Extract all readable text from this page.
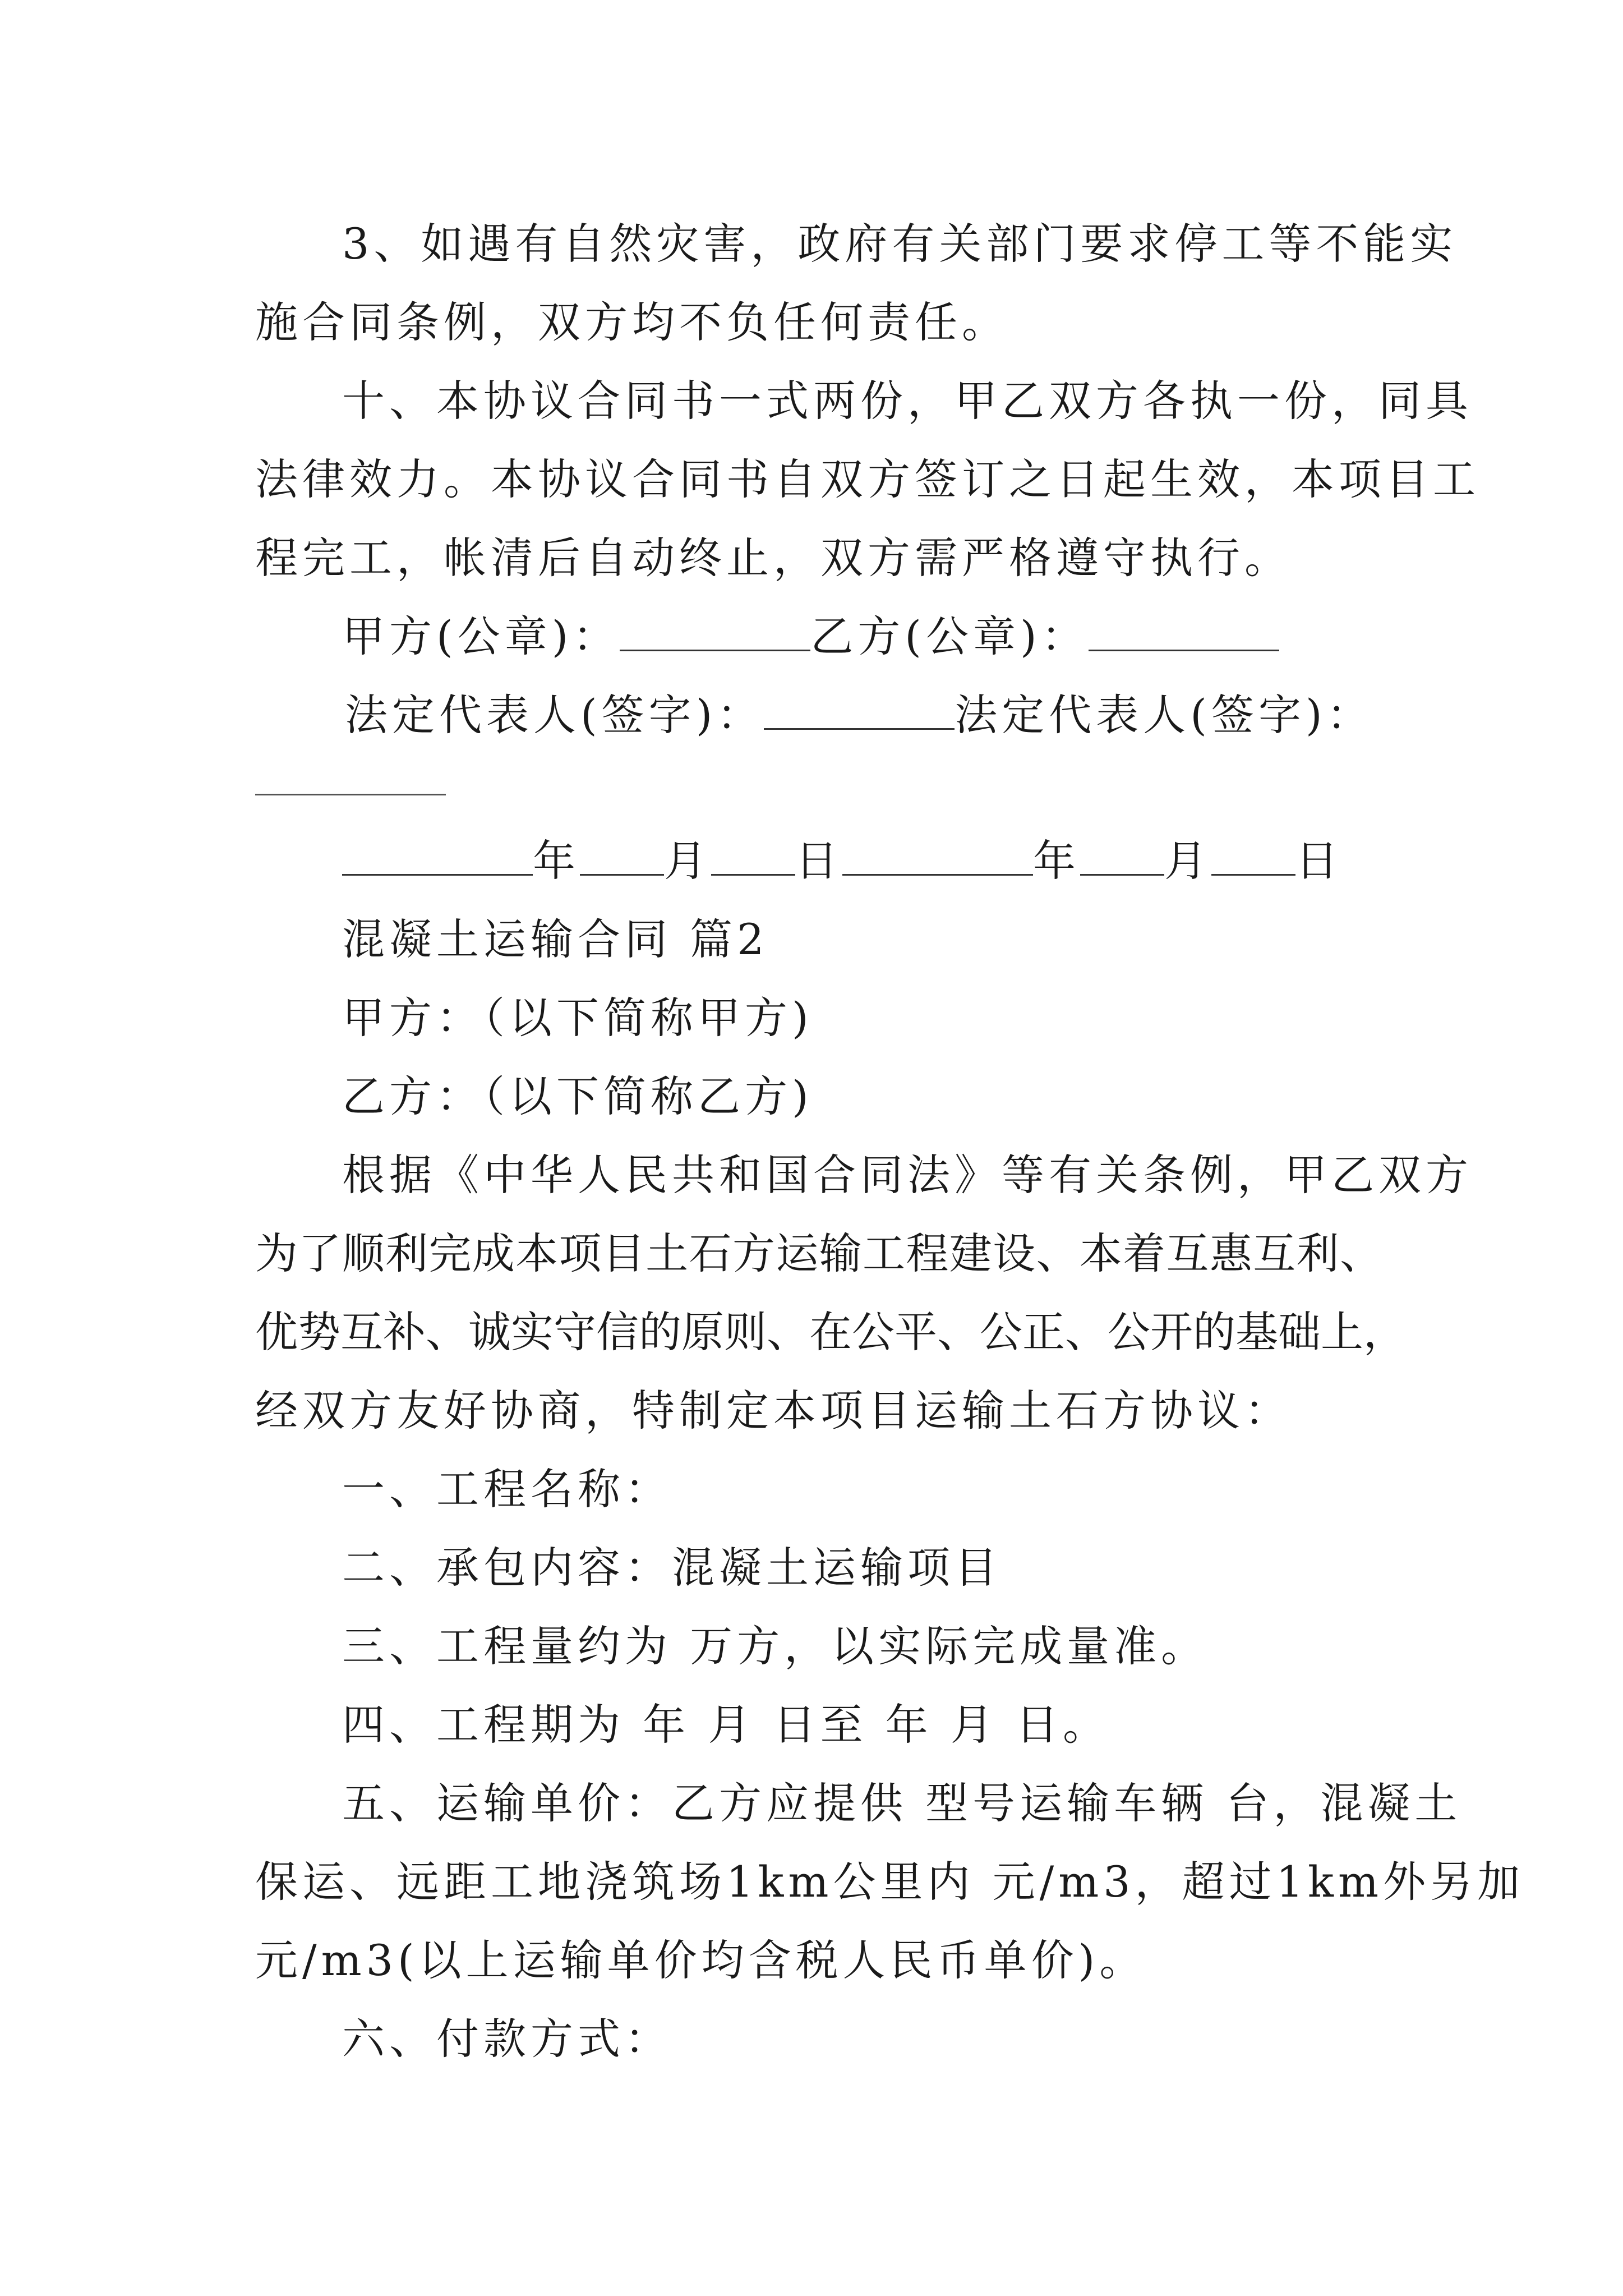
3、如遇有自然灾害，政府有关部门要求停工等不能实
施合同条例，双方均不负任何责任。
十、本协议合同书一式两份，甲乙双方各执一份，同具
法律效力。本协议合同书自双方签订之日起生效，本项目工
程完工，帐清后自动终止，双方需严格遵守执行。
甲方(公章)：	乙方(公章)：
法定代表人(签字)：	法定代表人(签字)：
年 月 日	年 月 日
混凝土运输合同 篇2
甲方：（以下简称甲方)
乙方：（以下简称乙方)
根据《中华人民共和国合同法》等有关条例，甲乙双方
为了顺利完成本项目土石方运输工程建设、本着互惠互利、
优势互补、诚实守信的原则、在公平、公正、公开的基础上，
经双方友好协商，特制定本项目运输土石方协议：
一、工程名称：
二、承包内容：混凝土运输项目
三、工程量约为 万方，以实际完成量准。
四、工程期为 年 月 日至 年 月 日。
五、运输单价：乙方应提供 型号运输车辆 台，混凝土
保运、远距工地浇筑场1km公里内 元/m3，超过1km外另加
元/m3(以上运输单价均含税人民币单价)。
六、付款方式：
